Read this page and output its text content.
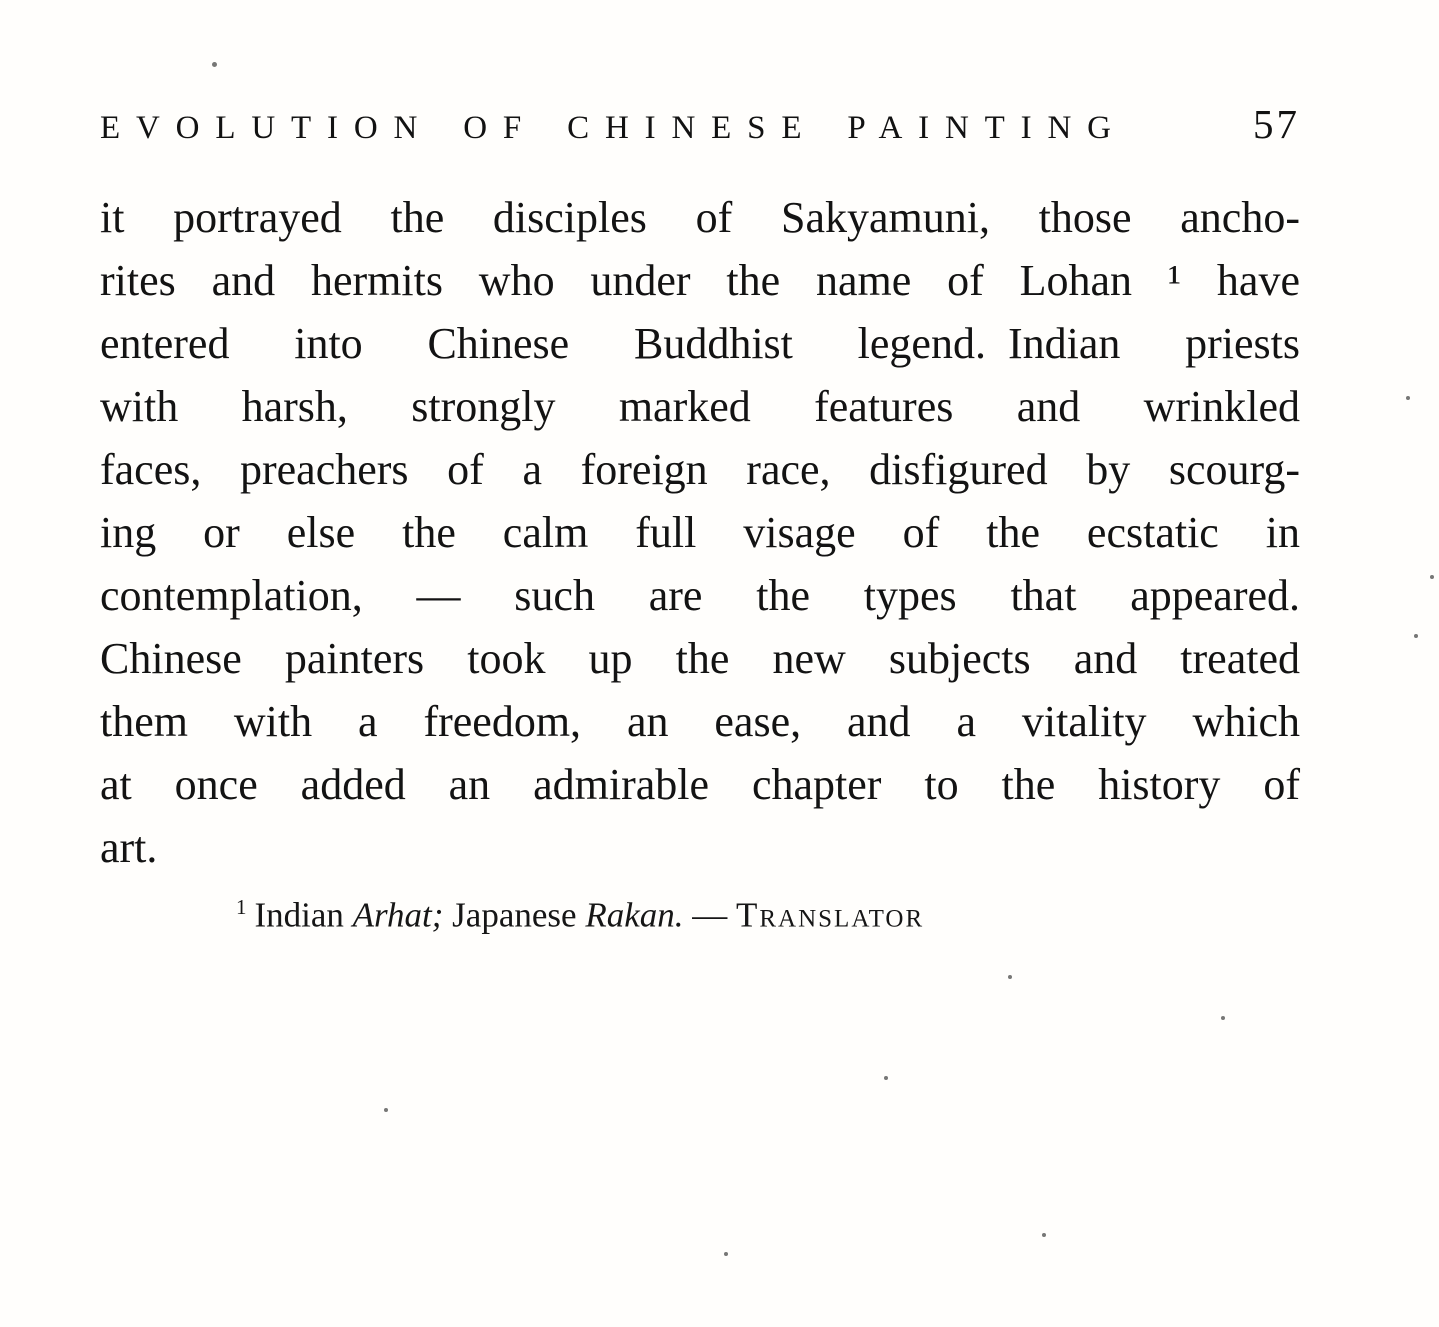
EVOLUTION OF CHINESE PAINTING	57
it portrayed the disciples of Sakyamuni, those ancho-
rites and hermits who under the name of Lohan ¹ have
entered into Chinese Buddhist legend. Indian priests
with harsh, strongly marked features and wrinkled
faces, preachers of a foreign race, disfigured by scourg-
ing or else the calm full visage of the ecstatic in
contemplation, — such are the types that appeared.
Chinese painters took up the new subjects and treated
them with a freedom, an ease, and a vitality which
at once added an admirable chapter to the history of
art.
$^1$ Indian Arhat; Japanese Rakan. — Translator
